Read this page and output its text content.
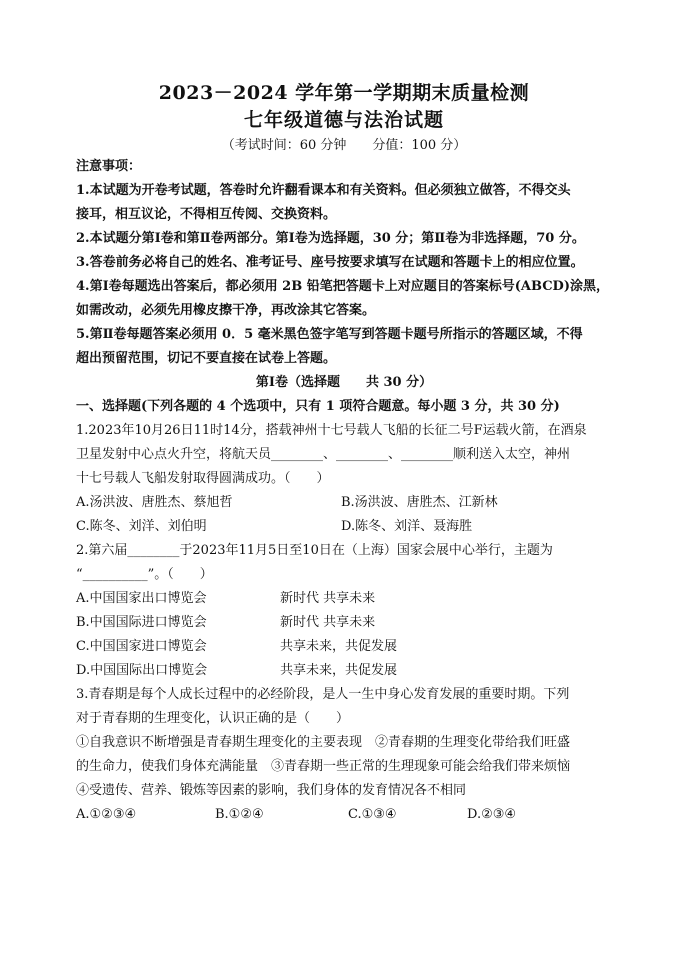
2023－2024 学年第一学期期末质量检测
七年级道德与法治试题
（考试时间：60 分钟　　分值：100 分）
注意事项：
1.本试题为开卷考试题，答卷时允许翻看课本和有关资料。但必须独立做答，不得交头
接耳，相互议论，不得相互传阅、交换资料。
2.本试题分第Ⅰ卷和第Ⅱ卷两部分。第Ⅰ卷为选择题，30 分；第Ⅱ卷为非选择题，70 分。
3.答卷前务必将自己的姓名、准考证号、座号按要求填写在试题和答题卡上的相应位置。
4.第Ⅰ卷每题选出答案后，都必须用 2B 铅笔把答题卡上对应题目的答案标号(ABCD)涂黑，
如需改动，必须先用橡皮擦干净，再改涂其它答案。
5.第Ⅱ卷每题答案必须用 0．5 毫米黑色签字笔写到答题卡题号所指示的答题区域，不得
超出预留范围，切记不要直接在试卷上答题。
第Ⅰ卷（选择题　　共 30 分）
一、选择题(下列各题的 4 个选项中，只有 1 项符合题意。每小题 3 分，共 30 分)
1.2023年10月26日11时14分，搭载神州十七号载人飞船的长征二号F运载火箭，在酒泉
卫星发射中心点火升空，将航天员________、________、________顺利送入太空，神州
十七号载人飞船发射取得圆满成功。（　　）
A.汤洪波、唐胜杰、蔡旭哲	B.汤洪波、唐胜杰、江新林
C.陈冬、刘洋、刘伯明	D.陈冬、刘洋、聂海胜
2.第六届________于2023年11月5日至10日在（上海）国家会展中心举行，主题为
“__________”。（　　）
A.中国国家出口博览会	新时代 共享未来
B.中国国际进口博览会	新时代 共享未来
C.中国国家进口博览会	共享未来，共促发展
D.中国国际出口博览会	共享未来，共促发展
3.青春期是每个人成长过程中的必经阶段，是人一生中身心发育发展的重要时期。下列
对于青春期的生理变化，认识正确的是（　　）
①自我意识不断增强是青春期生理变化的主要表现　②青春期的生理变化带给我们旺盛
的生命力，使我们身体充满能量　③青春期一些正常的生理现象可能会给我们带来烦恼
④受遗传、营养、锻炼等因素的影响，我们身体的发育情况各不相同
A.①②③④	B.①②④	C.①③④	D.②③④
